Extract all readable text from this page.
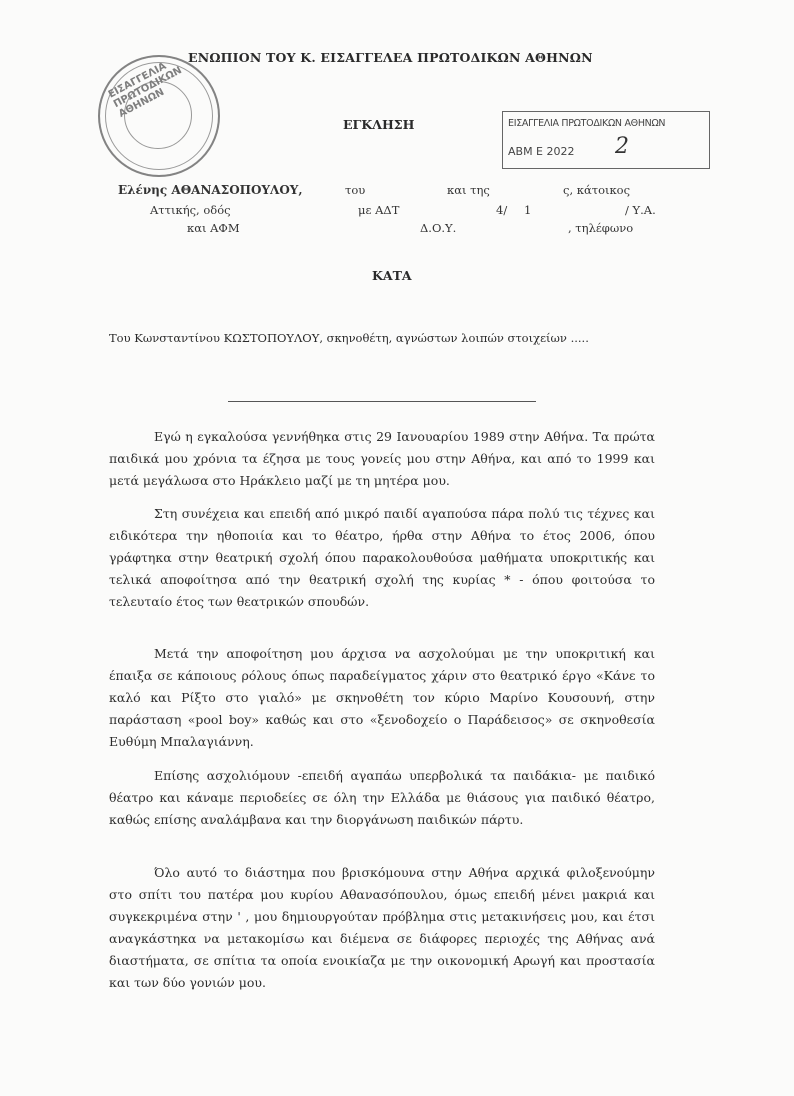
ΕΙΣΑΓΓΕΛΙΑ ΠΡΩΤΟΔΙΚΩΝ ΑΘΗΝΩΝ
ΕΝΩΠΙΟΝ ΤΟΥ Κ. ΕΙΣΑΓΓΕΛΕΑ ΠΡΩΤΟΔΙΚΩΝ ΑΘΗΝΩΝ
ΕΓΚΛΗΣΗ	ΕΙΣΑΓΓΕΛΙΑ ΠΡΩΤΟΔΙΚΩΝ ΑΘΗΝΩΝ
ΑΒΜ Ε 2022 2
Ελένης ΑΘΑΝΑΣΟΠΟΥΛΟΥ,	του	και της	ς, κάτοικος
Αττικής, οδός	με ΑΔΤ	4/ 1	/ Υ.Α.
και ΑΦΜ	Δ.Ο.Υ.	, τηλέφωνο
ΚΑΤΑ
Του Κωνσταντίνου ΚΩΣΤΟΠΟΥΛΟΥ, σκηνοθέτη, αγνώστων λοιπών στοιχείων .....

Εγώ η εγκαλούσα γεννήθηκα στις 29 Ιανουαρίου 1989 στην Αθήνα. Τα πρώτα παιδικά μου χρόνια τα έζησα με τους γονείς μου στην Αθήνα, και από το 1999 και μετά μεγάλωσα στο Ηράκλειο μαζί με τη μητέρα μου.

Στη συνέχεια και επειδή από μικρό παιδί αγαπούσα πάρα πολύ τις τέχνες και ειδικότερα την ηθοποιία και το θέατρο, ήρθα στην Αθήνα το έτος 2006, όπου γράφτηκα στην θεατρική σχολή όπου παρακολουθούσα μαθήματα υποκριτικής και τελικά αποφοίτησα από την θεατρική σχολή της κυρίας * - όπου φοιτούσα το τελευταίο έτος των θεατρικών σπουδών.

Μετά την αποφοίτηση μου άρχισα να ασχολούμαι με την υποκριτική και έπαιξα σε κάποιους ρόλους όπως παραδείγματος χάριν στο θεατρικό έργο «Κάνε το καλό και Ρίξτο στο γιαλό» με σκηνοθέτη τον κύριο Μαρίνο Κουσουνή, στην παράσταση «pool boy» καθώς και στο «ξενοδοχείο ο Παράδεισος» σε σκηνοθεσία Ευθύμη Μπαλαγιάννη.

Επίσης ασχολιόμουν -επειδή αγαπάω υπερβολικά τα παιδάκια- με παιδικό θέατρο και κάναμε περιοδείες σε όλη την Ελλάδα με θιάσους για παιδικό θέατρο, καθώς επίσης αναλάμβανα και την διοργάνωση παιδικών πάρτυ.

Όλο αυτό το διάστημα που βρισκόμουνα στην Αθήνα αρχικά φιλοξενούμην στο σπίτι του πατέρα μου κυρίου Αθανασόπουλου, όμως επειδή μένει μακριά και συγκεκριμένα στην ' , μου δημιουργούταν πρόβλημα στις μετακινήσεις μου, και έτσι αναγκάστηκα να μετακομίσω και διέμενα σε διάφορες περιοχές της Αθήνας ανά διαστήματα, σε σπίτια τα οποία ενοικίαζα με την οικονομική Αρωγή και προστασία και των δύο γονιών μου.
